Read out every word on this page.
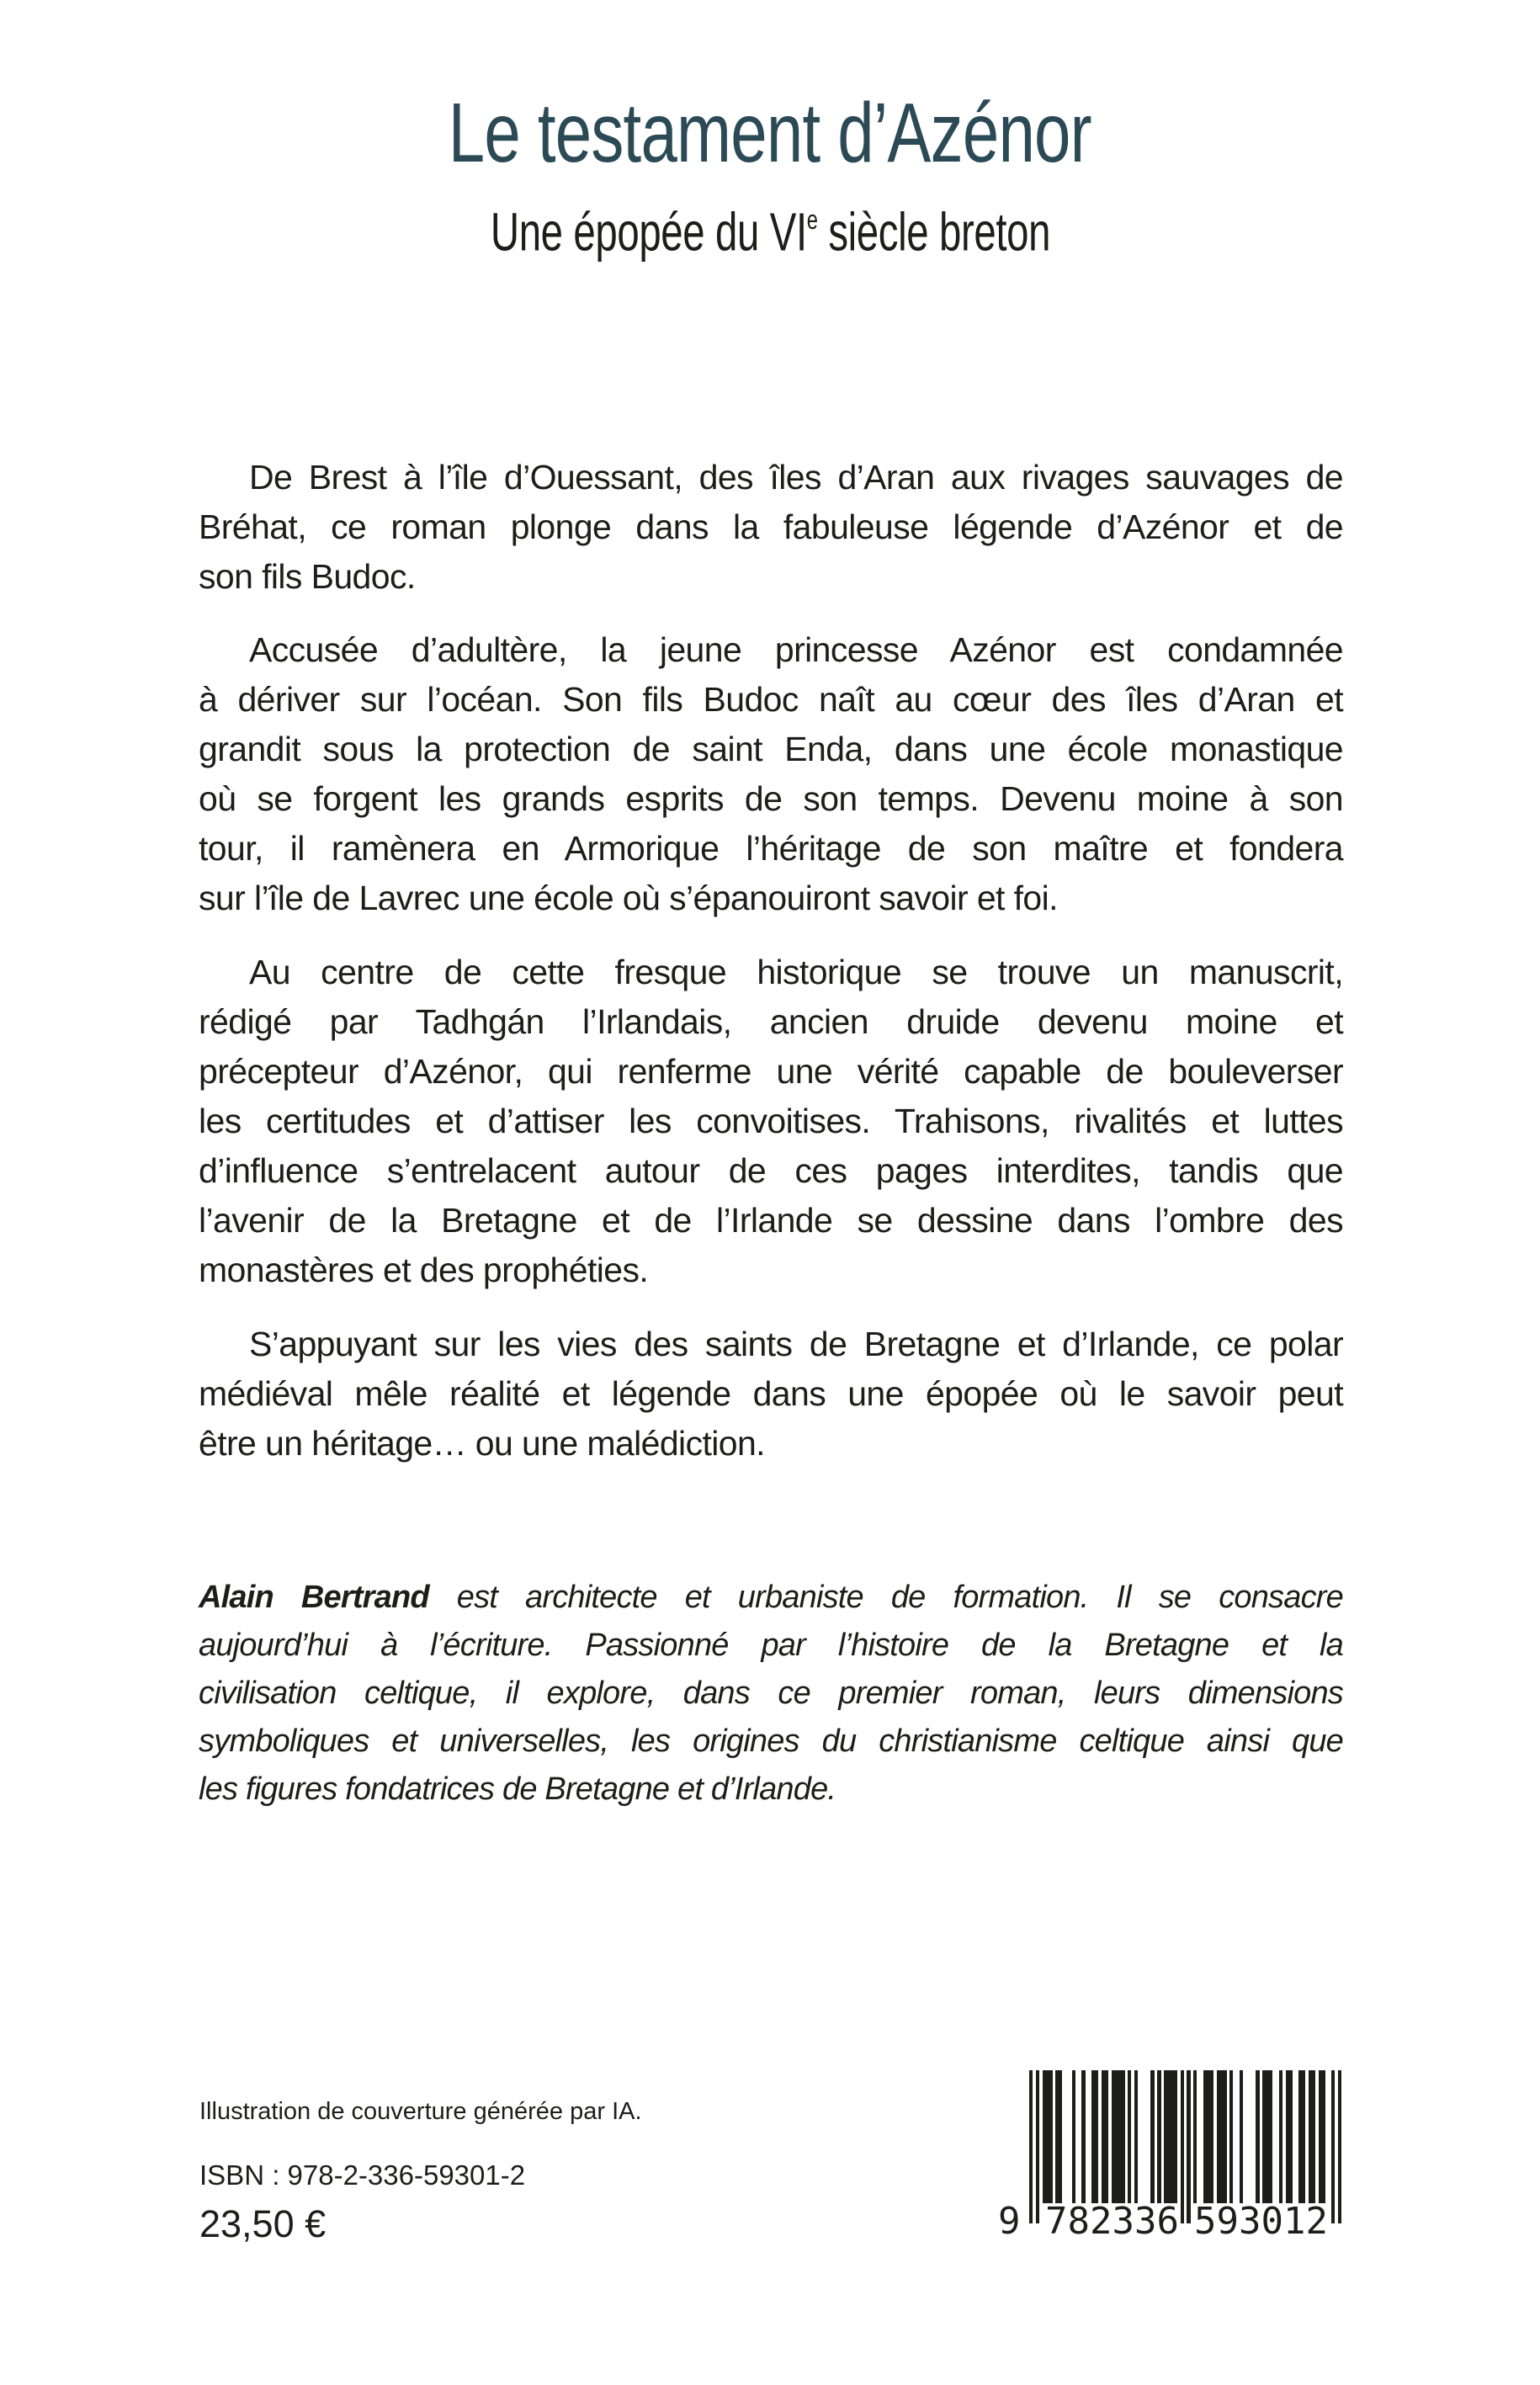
Le testament d’Azénor
Une épopée du VIe siècle breton
De Brest à l’île d’Ouessant, des îles d’Aran aux rivages sauvages de
Bréhat, ce roman plonge dans la fabuleuse légende d’Azénor et de
son fils Budoc.
Accusée d’adultère, la jeune princesse Azénor est condamnée
à dériver sur l’océan. Son fils Budoc naît au cœur des îles d’Aran et
grandit sous la protection de saint Enda, dans une école monastique
où se forgent les grands esprits de son temps. Devenu moine à son
tour, il ramènera en Armorique l’héritage de son maître et fondera
sur l’île de Lavrec une école où s’épanouiront savoir et foi.
Au centre de cette fresque historique se trouve un manuscrit,
rédigé par Tadhgán l’Irlandais, ancien druide devenu moine et
précepteur d’Azénor, qui renferme une vérité capable de bouleverser
les certitudes et d’attiser les convoitises. Trahisons, rivalités et luttes
d’influence s’entrelacent autour de ces pages interdites, tandis que
l’avenir de la Bretagne et de l’Irlande se dessine dans l’ombre des
monastères et des prophéties.
S’appuyant sur les vies des saints de Bretagne et d’Irlande, ce polar
médiéval mêle réalité et légende dans une épopée où le savoir peut
être un héritage… ou une malédiction.
Alain Bertrand est architecte et urbaniste de formation. Il se consacre
aujourd’hui à l’écriture. Passionné par l’histoire de la Bretagne et la
civilisation celtique, il explore, dans ce premier roman, leurs dimensions
symboliques et universelles, les origines du christianisme celtique ainsi que
les figures fondatrices de Bretagne et d’Irlande.
Illustration de couverture générée par IA.
ISBN : 978-2-336-59301-2
23,50 €	9 782336 593012
